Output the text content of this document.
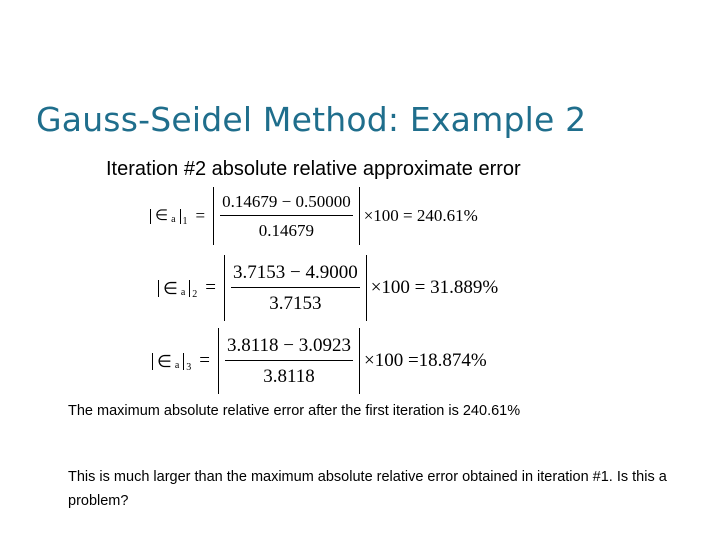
Gauss-Seidel Method: Example 2
Iteration #2 absolute relative approximate error
∈ a $1 = \frac{0.14679 - 0.50000}{0.14679} \times 100 = 240.61\%$
∈ a $2 = \frac{3.7153 - 4.9000}{3.7153} \times 100 = 31.889\%$
∈ a $3 = \frac{3.8118 - 3.0923}{3.8118} \times 100 =18.874\%$
The maximum absolute relative error after the first iteration is 240.61%
This is much larger than the maximum absolute relative error obtained in iteration #1. Is this a problem?
